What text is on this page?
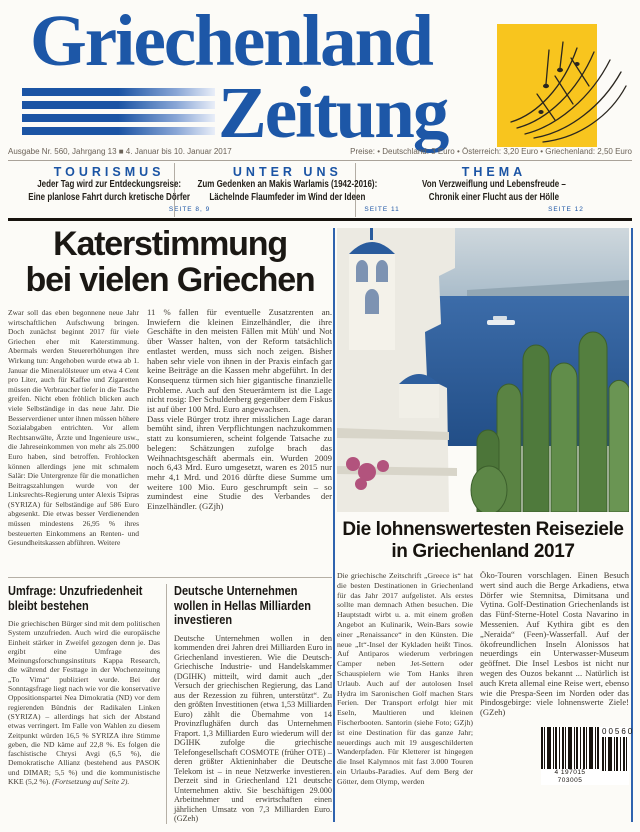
Griechenland
Zeitung
Ausgabe Nr. 560, Jahrgang 13 ■ 4. Januar bis 10. Januar 2017	Preise: • Deutschland: 3 Euro • Österreich: 3,20 Euro • Griechenland: 2,50 Euro
TOURISMUS
Jeder Tag wird zur Entdeckungsreise:
Eine planlose Fahrt durch kretische Dörfer
SEITE 8, 9
UNTER UNS
Zum Gedenken an Makis Warlamis (1942-2016):
Lächelnde Flaumfeder im Wind der Ideen
SEITE 11
THEMA
Von Verzweiflung und Lebensfreude –
Chronik einer Flucht aus der Hölle
SEITE 12
Katerstimmung
bei vielen Griechen
Zwar soll das eben begonnene neue Jahr wirtschaftlichen Aufschwung bringen. Doch zunächst beginnt 2017 für viele Griechen eher mit Katerstimmung. Abermals werden Steuererhöhungen ihre Wirkung tun: Angehoben wurde etwa ab 1. Januar die Mineralölsteuer um etwa 4 Cent pro Liter, auch für Kaffee und Zigaretten müssen die Verbraucher tiefer in die Tasche greifen. Nicht eben fröhlich blicken auch viele Selbständige in das neue Jahr. Die Besserverdiener unter ihnen müssen höhere Sozialabgaben entrichten. Vor allem Rechtsanwälte, Ärzte und Ingenieure usw., die Jahreseinkommen von mehr als 25.000 Euro haben, sind betroffen. Frohlocken können allerdings jene mit schmalem Salär: Die Untergrenze für die monatlichen Beitragszahlungen wurde von der Linksrechts-Regierung unter Alexis Tsipras (SYRIZA) für Selbständige auf 586 Euro abgesenkt. Die etwas besser Verdienenden müssen mindestens 26,95 % ihres besteuerten Einkommens an Renten- und Gesundheitskassen abführen. Weitere

11 % fallen für eventuelle Zusatzrenten an. Inwiefern die kleinen Einzelhändler, die ihre Geschäfte in den meisten Fällen mit Müh' und Not über Wasser halten, von der Reform tatsächlich entlastet werden, muss sich noch zeigen. Bisher haben sehr viele von ihnen in der Praxis einfach gar keine Beiträge an die Kassen mehr abgeführt. In der Konsequenz türmen sich hier gigantische finanzielle Probleme. Auch auf den Steuerämtern ist die Lage nicht rosig: Der Schuldenberg gegenüber dem Fiskus ist auf über 100 Mrd. Euro angewachsen.

Dass viele Bürger trotz ihrer misslichen Lage daran bemüht sind, ihren Verpflichtungen nachzukommen statt zu konsumieren, scheint folgende Tatsache zu belegen: Schätzungen zufolge brach das Weihnachtsgeschäft abermals ein. Wurden 2009 noch 6,43 Mrd. Euro umgesetzt, waren es 2015 nur mehr 4,1 Mrd. und 2016 dürfte diese Summe um weitere 100 Mio. Euro geschrumpft sein – so zumindest eine Studie des Verbandes der Einzelhändler. (GZjh)

Umfrage: Unzufriedenheit bleibt bestehen
Die griechischen Bürger sind mit dem politischen System unzufrieden. Auch wird die europäische Einheit stärker in Zweifel gezogen denn je. Das ergibt eine Umfrage des Meinungsforschungsinstituts Kappa Research, die während der Festtage in der Wochenzeitung „To Vima“ publiziert wurde. Bei der Sonntagsfrage liegt nach wie vor die konservative Oppositionspartei Nea Dimokratia (ND) vor dem regierenden Bündnis der Radikalen Linken (SYRIZA) – allerdings hat sich der Abstand etwas verringert. Im Falle von Wahlen zu diesem Zeitpunkt würden 16,5 % SYRIZA ihre Stimme geben, die ND käme auf 22,8 %. Es folgen die faschistische Chrysi Avgi (6,5 %), die Demokratische Allianz (bestehend aus PASOK und DIMAR; 5,5 %) und die kommunistische KKE (5,2 %). (Fortsetzung auf Seite 2).
Deutsche Unternehmen wollen in Hellas Milliarden investieren
Deutsche Unternehmen wollen in den kommenden drei Jahren drei Milliarden Euro in Griechenland investieren. Wie die Deutsch-Griechische Industrie- und Handelskammer (DGIHK) mitteilt, wird damit auch „der Versuch der griechischen Regierung, das Land aus der Rezession zu führen, unterstützt“. Zu den größten Investitionen (etwa 1,53 Milliarden Euro) zählt die Übernahme von 14 Provinzflughäfen durch das Unternehmen Fraport. 1,3 Milliarden Euro wiederum will der DGIHK zufolge die griechische Telefongesellschaft COSMOTE (früher OTE) – deren größter Aktieninhaber die Deutsche Telekom ist – in neue Netzwerke investieren. Derzeit sind in Griechenland 121 deutsche Unternehmen aktiv. Sie beschäftigen 29.000 Arbeitnehmer und erwirtschaften einen jährlichen Umsatz von 7,3 Milliarden Euro. (GZeh)
Die lohnenswertesten Reiseziele
in Griechenland 2017
Die griechische Zeitschrift „Greece is“ hat die besten Destinationen in Griechenland für das Jahr 2017 aufgelistet. Als erstes sollte man demnach Athen besuchen. Die Hauptstadt wirbt u. a. mit einem großen Angebot an Kulinarik, Wein-Bars sowie einer „Renaissance“ in den Künsten. Die neue „It“-Insel der Kykladen heißt Tinos. Auf Antiparos wiederum verbringen Camper neben Jet-Settern oder Schauspielern wie Tom Hanks ihren Urlaub. Auch auf der autolosen Insel Hydra im Saronischen Golf machen Stars Ferien. Der Transport erfolgt hier mit Eseln, Maultieren und kleinen Fischerbooten. Santorin (siehe Foto; GZjh) ist eine Destination für das ganze Jahr; neuerdings auch mit 19 ausgeschilderten Wanderpfaden. Für Kletterer ist hingegen die Insel Kalymnos mit fast 3.000 Touren ein Urlaubs-Paradies. Auf dem Berg der Götter, dem Olymp, werden
Öko-Touren vorschlagen. Einen Besuch wert sind auch die Berge Arkadiens, etwa Dörfer wie Stemnitsa, Dimitsana und Vytina. Golf-Destination Griechenlands ist das Fünf-Sterne-Hotel Costa Navarino in Messenien. Auf Kythira gibt es den „Neraida“ (Feen)-Wasserfall. Auf der ökofreundlichen Inseln Alonissos hat neuerdings ein Unterwasser-Museum geöffnet. Die Insel Lesbos ist nicht nur wegen des Ouzos bekannt ... Natürlich ist auch Kreta allemal eine Reise wert, ebenso wie die Prespa-Seen im Norden oder das Pindosgebirge: viele lohnenswerte Ziele! (GZeh)
4 197015 703005
00560
